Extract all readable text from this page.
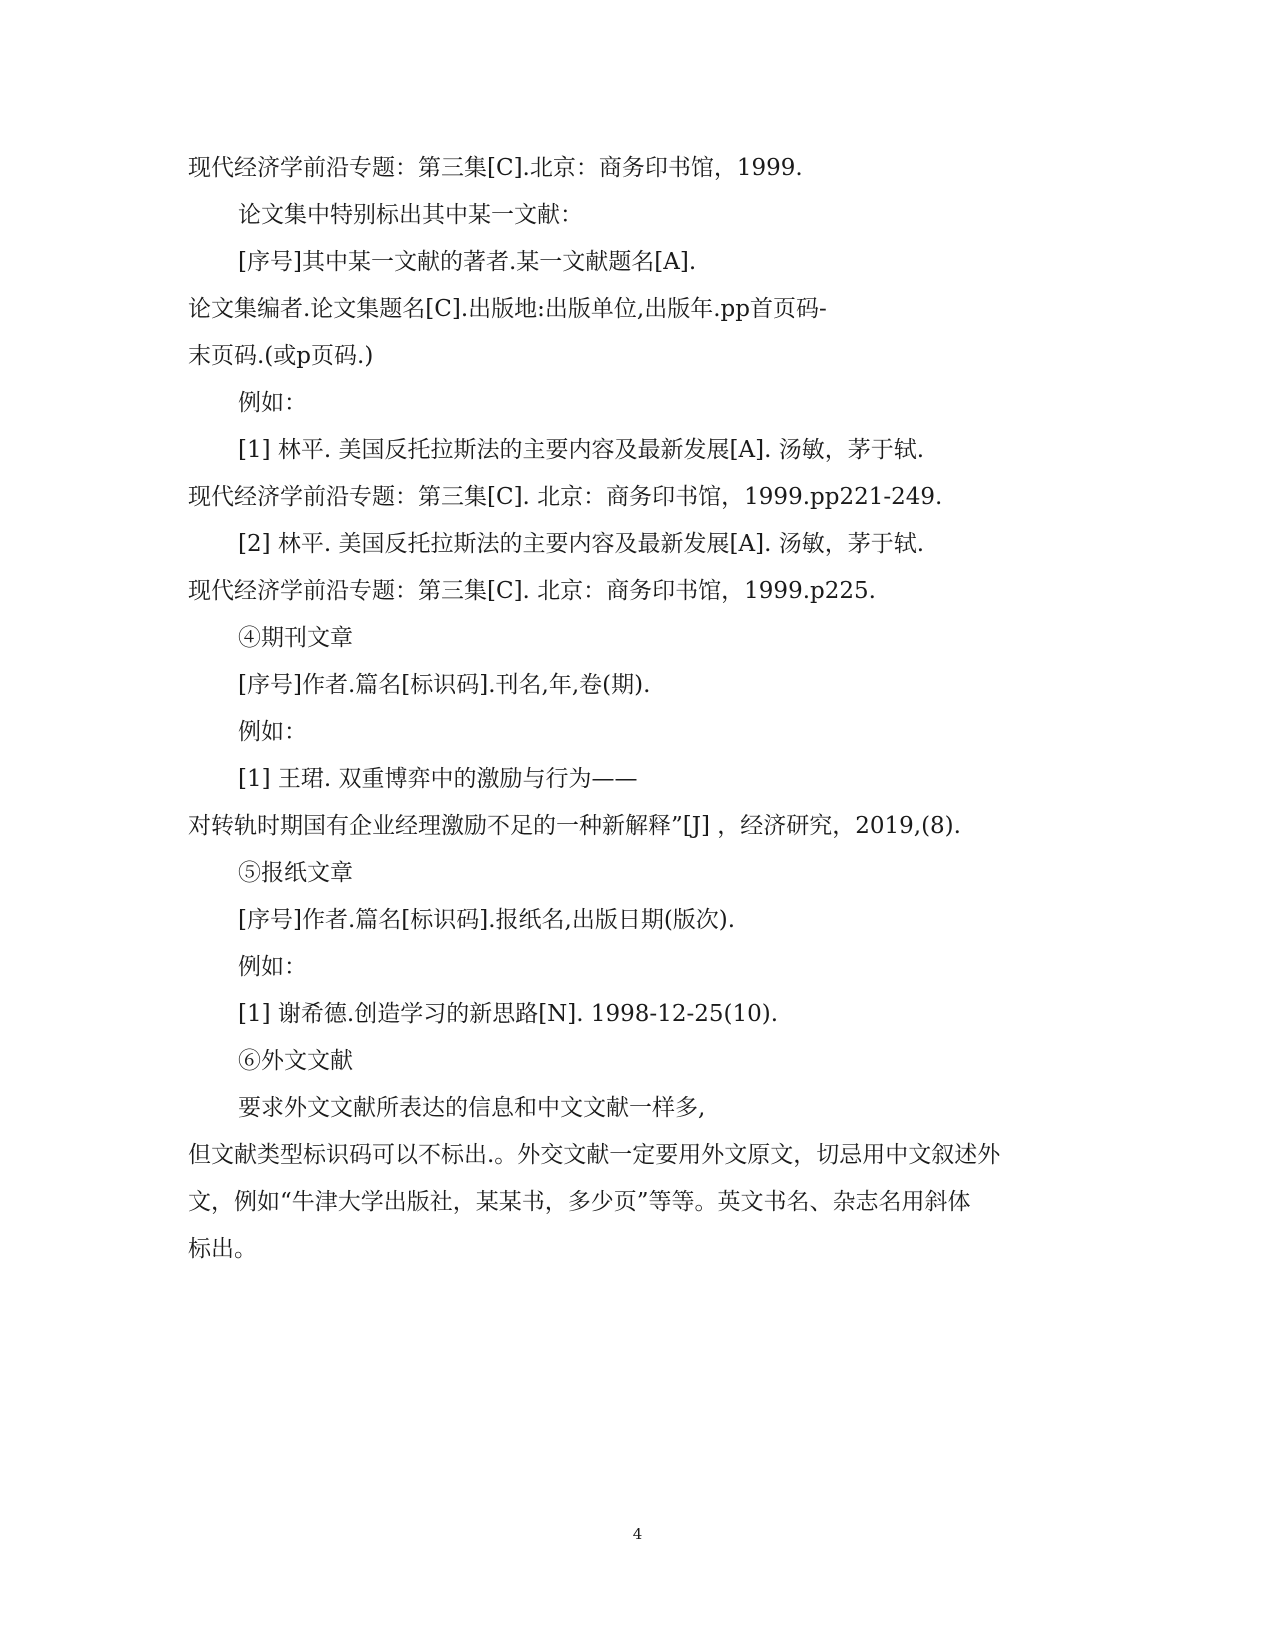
现代经济学前沿专题：第三集[C].北京：商务印书馆，1999.
论文集中特别标出其中某一文献：
[序号]其中某一文献的著者.某一文献题名[A].
论文集编者.论文集题名[C].出版地:出版单位,出版年.pp首页码-
末页码.(或p页码.)
例如：
[1] 林平. 美国反托拉斯法的主要内容及最新发展[A]. 汤敏，茅于轼.
现代经济学前沿专题：第三集[C]. 北京：商务印书馆，1999.pp221-249.
[2] 林平. 美国反托拉斯法的主要内容及最新发展[A]. 汤敏，茅于轼.
现代经济学前沿专题：第三集[C]. 北京：商务印书馆，1999.p225.
④期刊文章
[序号]作者.篇名[标识码].刊名,年,卷(期).
例如：
[1] 王珺. 双重博弈中的激励与行为——
对转轨时期国有企业经理激励不足的一种新解释”[J] ，经济研究，2019,(8).
⑤报纸文章
[序号]作者.篇名[标识码].报纸名,出版日期(版次).
例如：
[1] 谢希德.创造学习的新思路[N]. 1998-12-25(10).
⑥外文文献
要求外文文献所表达的信息和中文文献一样多,
但文献类型标识码可以不标出.。外交文献一定要用外文原文，切忌用中文叙述外
文，例如“牛津大学出版社，某某书，多少页”等等。英文书名、杂志名用斜体
标出。
4
